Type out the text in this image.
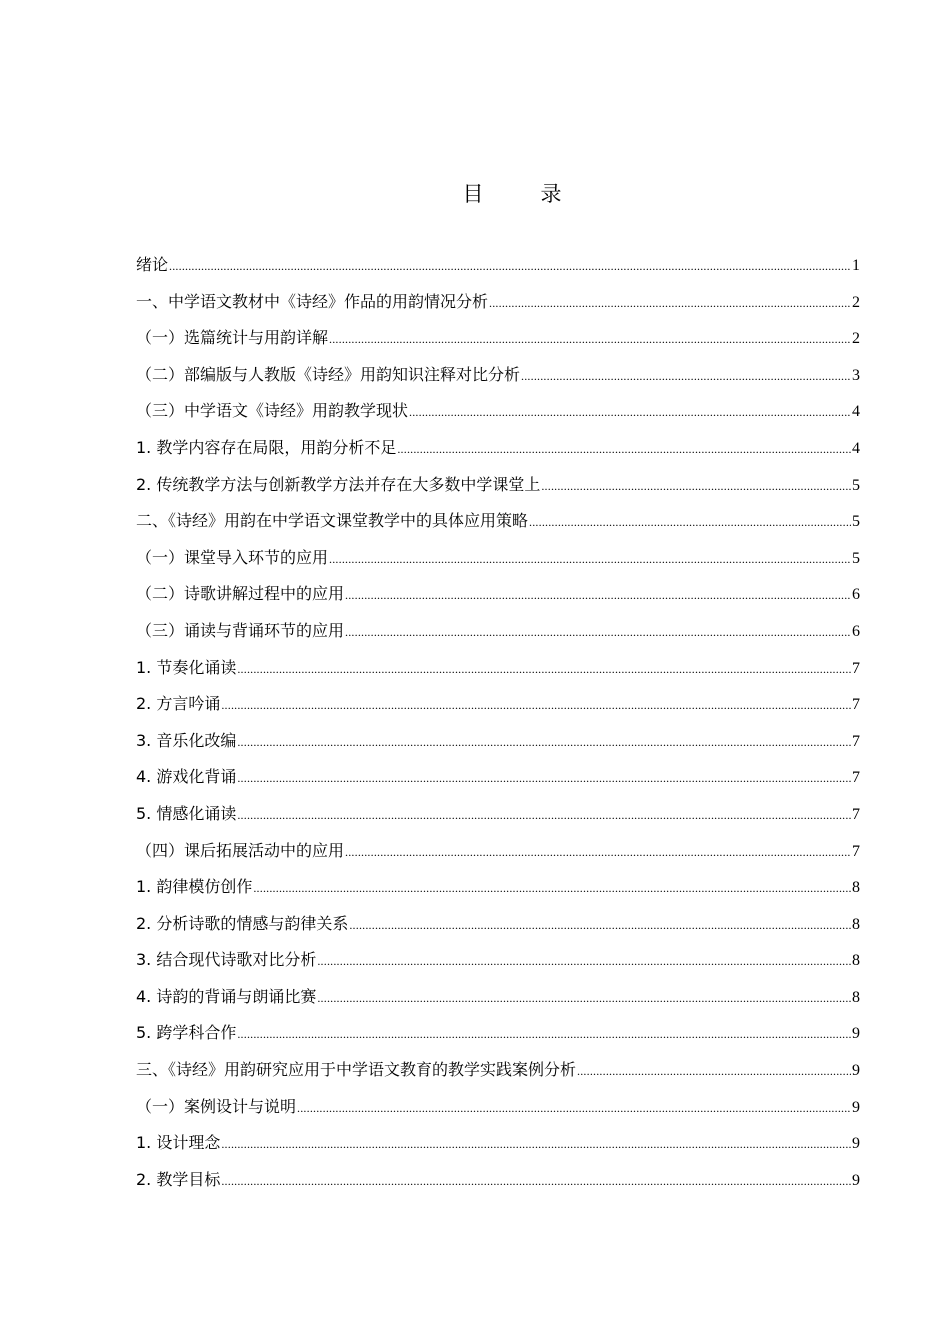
目　录
绪论 .....	1
一、中学语文教材中《诗经》作品的用韵情况分析 .....	2
（一）选篇统计与用韵详解 .....	2
（二）部编版与人教版《诗经》用韵知识注释对比分析 .....	3
（三）中学语文《诗经》用韵教学现状 .....	4
1. 教学内容存在局限，用韵分析不足 .....	4
2. 传统教学方法与创新教学方法并存在大多数中学课堂上 .....	5
二、《诗经》用韵在中学语文课堂教学中的具体应用策略 .....	5
（一）课堂导入环节的应用 .....	5
（二）诗歌讲解过程中的应用 .....	6
（三）诵读与背诵环节的应用 .....	6
1. 节奏化诵读 .....	7
2. 方言吟诵 .....	7
3. 音乐化改编 .....	7
4. 游戏化背诵 .....	7
5. 情感化诵读 .....	7
（四）课后拓展活动中的应用 .....	7
1. 韵律模仿创作 .....	8
2. 分析诗歌的情感与韵律关系 .....	8
3. 结合现代诗歌对比分析 .....	8
4. 诗韵的背诵与朗诵比赛 .....	8
5. 跨学科合作 .....	9
三、《诗经》用韵研究应用于中学语文教育的教学实践案例分析 .....	9
（一）案例设计与说明 .....	9
1. 设计理念 .....	9
2. 教学目标 .....	9
